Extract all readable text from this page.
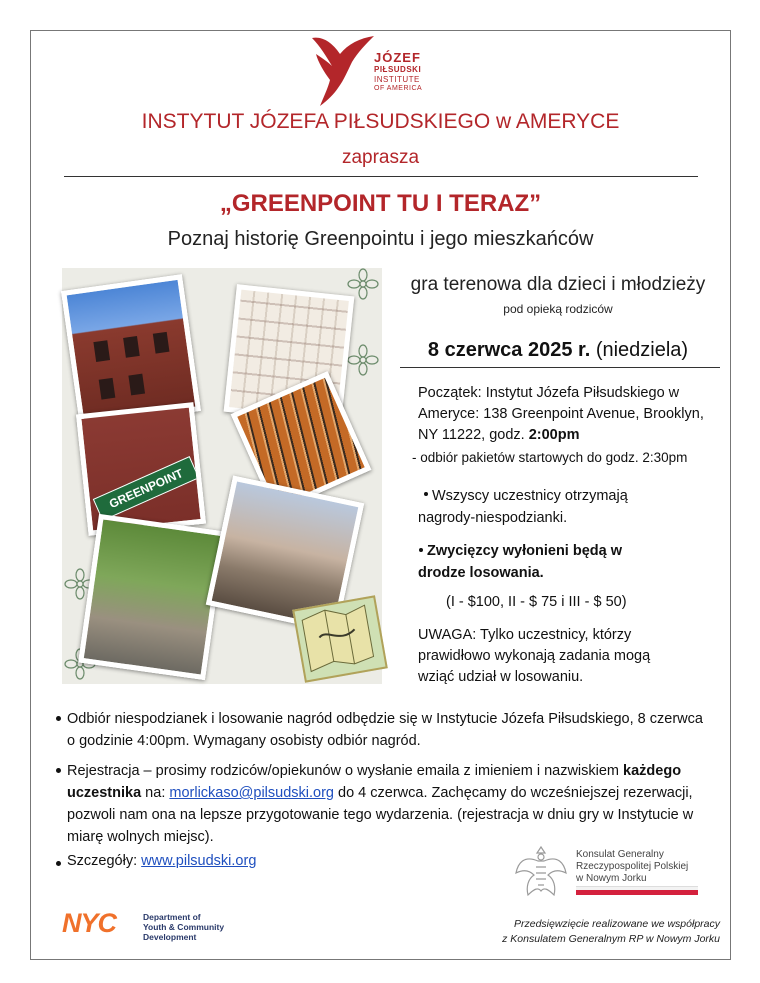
JÓZEF
PIŁSUDSKI
INSTITUTE
OF AMERICA
INSTYTUT JÓZEFA PIŁSUDSKIEGO w AMERYCE
zaprasza
„GREENPOINT TU I TERAZ”
Poznaj historię Greenpointu i jego mieszkańców
GREENPOINT
gra terenowa dla dzieci i młodzieży
pod opieką rodziców
8 czerwca 2025 r. (niedziela)
Początek: Instytut Józefa Piłsudskiego w Ameryce: 138 Greenpoint Avenue, Brooklyn, NY 11222, godz. 2:00pm
- odbiór pakietów startowych do godz. 2:30pm
Wszyscy uczestnicy otrzymają nagrody-niespodzianki.
Zwycięzcy wyłonieni będą w drodze losowania.
(I - $100, II - $ 75 i III - $ 50)
UWAGA: Tylko uczestnicy, którzy prawidłowo wykonają zadania mogą wziąć udział w losowaniu.
Odbiór niespodzianek i losowanie nagród odbędzie się w Instytucie Józefa Piłsudskiego, 8 czerwca o godzinie 4:00pm. Wymagany osobisty odbiór nagród.
Rejestracja – prosimy rodziców/opiekunów o wysłanie emaila z imieniem i nazwiskiem każdego uczestnika na: morlickaso@pilsudski.org do 4 czerwca. Zachęcamy do wcześniejszej rezerwacji, pozwoli nam ona na lepsze przygotowanie tego wydarzenia. (rejestracja w dniu gry w Instytucie w miarę wolnych miejsc).
Szczegóły: www.pilsudski.org	Konsulat Generalny
Rzeczypospolitej Polskiej
w Nowym Jorku
NYC	Department of
Youth & Community
Development
Przedsięwzięcie realizowane we współpracy
z Konsulatem Generalnym RP w Nowym Jorku
